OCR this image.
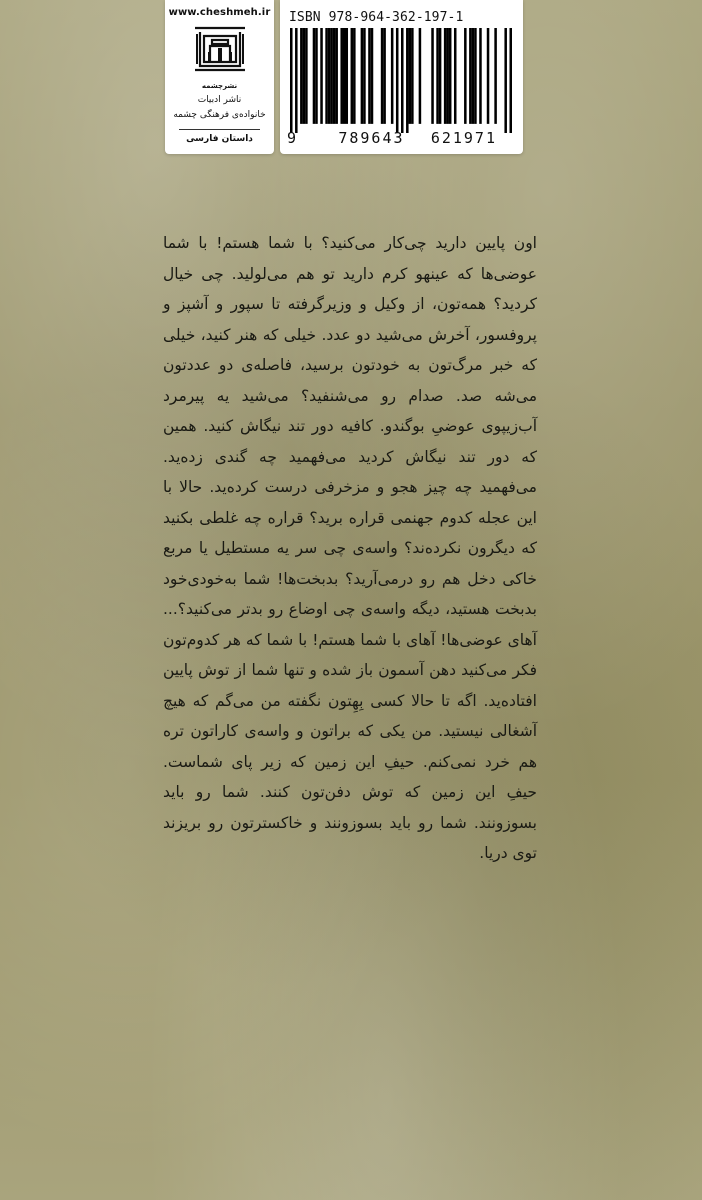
www.cheshmeh.ir
نشرچشمه
ناشر ادبیات
خانواده‌ی فرهنگی چشمه
داستان فارسی
ISBN 978-964-362-197-1
9	789643 621971

اون پایین دارید چی‌کار می‌کنید؟ با شما هستم! با شما عوضی‌ها که عینهو کرم دارید تو هم می‌لولید. چی خیال کردید؟ همه‌تون، از وکیل و وزیرگرفته تا سپور و آشپز و پروفسور، آخرش می‌شید دو عدد. خیلی که هنر کنید، خیلی که خبر مرگ‌تون به خودتون برسید، فاصله‌ی دو عددتون می‌شه صد. صدام رو می‌شنفید؟ می‌شید یه پیرمرد آب‌زیپوی عوضیِ بوگندو. کافیه دور تند نیگاش کنید. همین که دور تند نیگاش کردید می‌فهمید چه گندی زده‌ید. می‌فهمید چه چیز هجو و مزخرفی درست کرده‌ید. حالا با این عجله کدوم جهنمی قراره برید؟ قراره چه غلطی بکنید که دیگرون نکرده‌ند؟ واسه‌ی چی سر یه مستطیل یا مربع خاکی دخل هم رو درمی‌آرید؟ بدبخت‌ها! شما به‌خودی‌خود بدبخت هستید، دیگه واسه‌ی چی اوضاع رو بدتر می‌کنید؟... آهای عوضی‌ها! آهای با شما هستم! با شما که هر کدوم‌تون فکر می‌کنید دهن آسمون باز شده و تنها شما از توش پایین افتاده‌ید. اگه تا حالا کسی بِهِتون نگفته من می‌گم که هیچ آشغالی نیستید. من یکی که براتون و واسه‌ی کاراتون تره هم خرد نمی‌کنم. حیفِ این زمین که زیر پای شماست. حیفِ این زمین که توش دفن‌تون کنند. شما رو باید بسوزونند. شما رو باید بسوزونند و خاکسترتون رو بریزند توی دریا.
